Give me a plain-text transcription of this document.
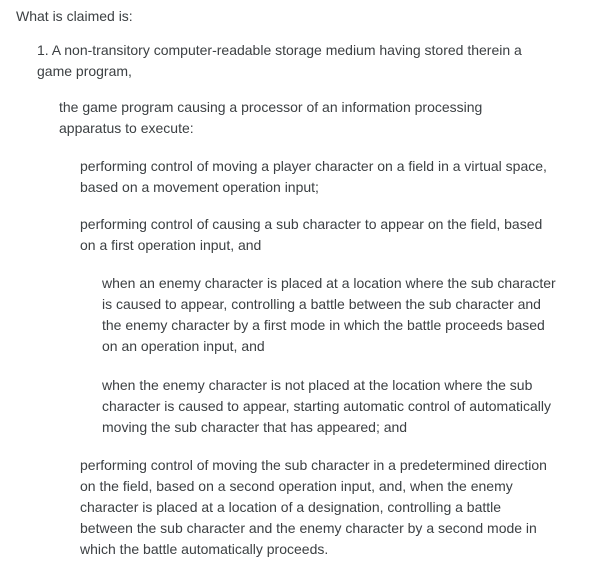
What is claimed is:

1. A non-transitory computer-readable storage medium having stored therein a game program,

the game program causing a processor of an information processing apparatus to execute:

performing control of moving a player character on a field in a virtual space, based on a movement operation input;

performing control of causing a sub character to appear on the field, based on a first operation input, and

when an enemy character is placed at a location where the sub character is caused to appear, controlling a battle between the sub character and the enemy character by a first mode in which the battle proceeds based on an operation input, and

when the enemy character is not placed at the location where the sub character is caused to appear, starting automatic control of automatically moving the sub character that has appeared; and

performing control of moving the sub character in a predetermined direction on the field, based on a second operation input, and, when the enemy character is placed at a location of a designation, controlling a battle between the sub character and the enemy character by a second mode in which the battle automatically proceeds.
